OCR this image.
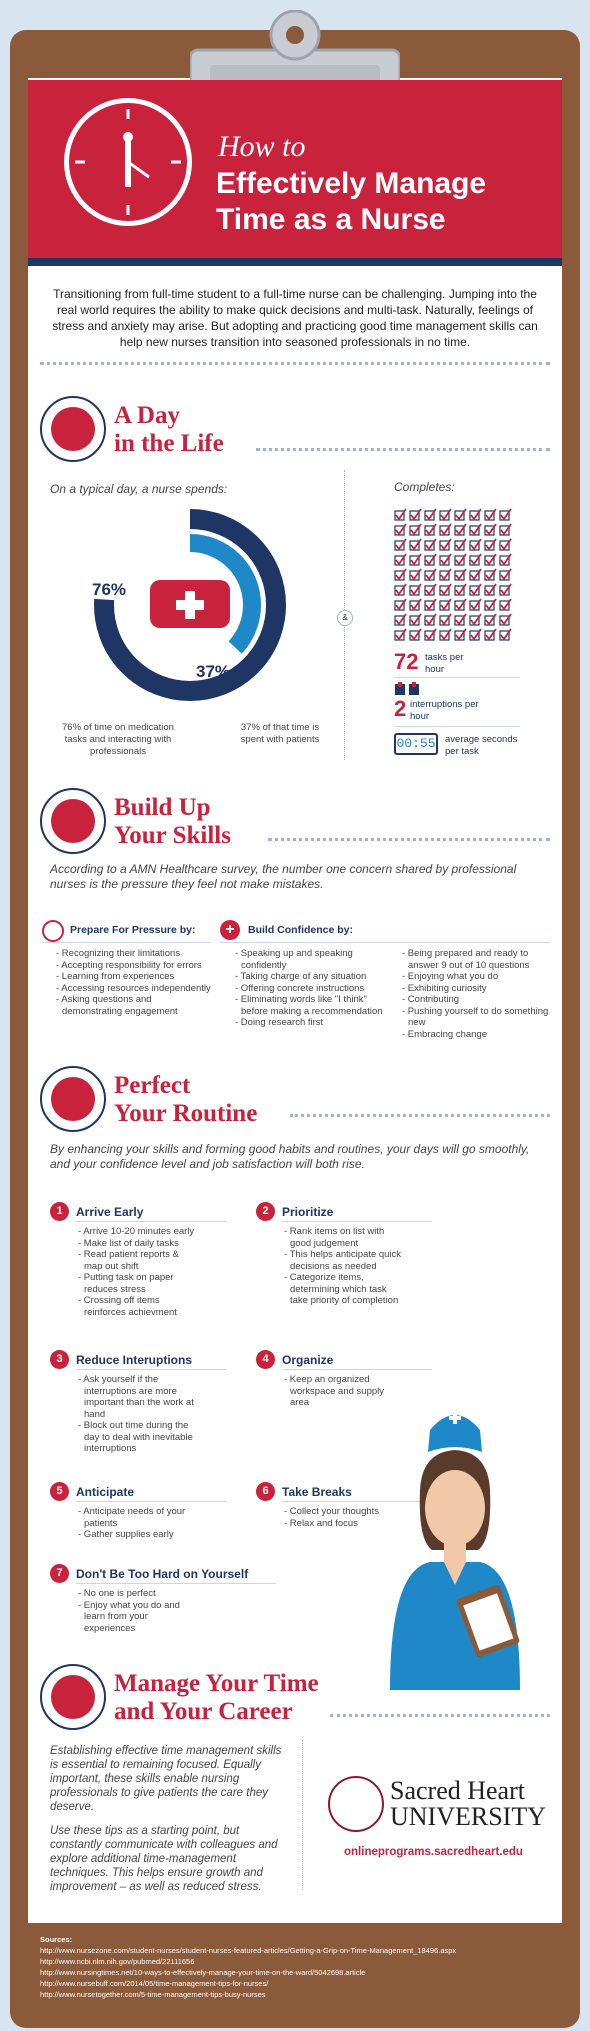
How to
Effectively Manage Time as a Nurse
Transitioning from full-time student to a full-time nurse can be challenging. Jumping into the real world requires the ability to make quick decisions and multi-task. Naturally, feelings of stress and anxiety may arise. But adopting and practicing good time management skills can help new nurses transition into seasoned professionals in no time.
A Day
in the Life
On a typical day, a nurse spends:
76%
37%
76% of time on medication tasks and interacting with professionals
37% of that time is spent with patients
&
Completes:
72 tasks per hour
2 interruptions per hour
00:55 average seconds per task
Build Up
Your Skills
According to a AMN Healthcare survey, the number one concern shared by professional nurses is the pressure they feel not make mistakes.
Prepare For Pressure by:
- Recognizing their limitations
- Accepting responsibility for errors
- Learning from experiences
- Accessing resources independently
- Asking questions and demonstrating engagement
+	Build Confidence by:
- Speaking up and speaking confidently
- Taking charge of any situation
- Offering concrete instructions
- Eliminating words like "I think" before making a recommendation
- Doing research first
- Being prepared and ready to answer 9 out of 10 questions
- Enjoying what you do
- Exhibiting curiosity
- Contributing
- Pushing yourself to do something new
- Embracing change
Perfect
Your Routine
By enhancing your skills and forming good habits and routines, your days will go smoothly, and your confidence level and job satisfaction will both rise.
1	Arrive Early
- Arrive 10-20 minutes early
- Make list of daily tasks
- Read patient reports & map out shift
- Putting task on paper reduces stress
- Crossing off items reinforces achievment
2	Prioritize
- Rank items on list with good judgement
- This helps anticipate quick decisions as needed
- Categorize items, determining which task take priority of completion
3	Reduce Interuptions
- Ask yourself if the interruptions are more important than the work at hand
- Block out time during the day to deal with inevitable interruptions
4	Organize
- Keep an organized workspace and supply area
5	Anticipate
- Anticipate needs of your patients
- Gather supplies early
6	Take Breaks
- Collect your thoughts
- Relax and focus
7	Don't Be Too Hard on Yourself
- No one is perfect
- Enjoy what you do and learn from your experiences
Manage Your Time
and Your Career
Establishing effective time management skills is essential to remaining focused. Equally important, these skills enable nursing professionals to give patients the care they deserve.
Use these tips as a starting point, but constantly communicate with colleagues and explore additional time-management techniques. This helps ensure growth and improvement – as well as reduced stress.
Sacred Heart
UNIVERSITY
onlineprograms.sacredheart.edu
Sources:
http://www.nursezone.com/student-nurses/student-nurses-featured-articles/Getting-a-Grip-on-Time-Management_18496.aspx
http://www.ncbi.nlm.nih.gov/pubmed/22111656
http://www.nursingtimes.net/10-ways-to-effectively-manage-your-time-on-the-ward/5042698.article
http://www.nursebuff.com/2014/05/time-management-tips-for-nurses/
http://www.nursetogether.com/5-time-management-tips-busy-nurses
